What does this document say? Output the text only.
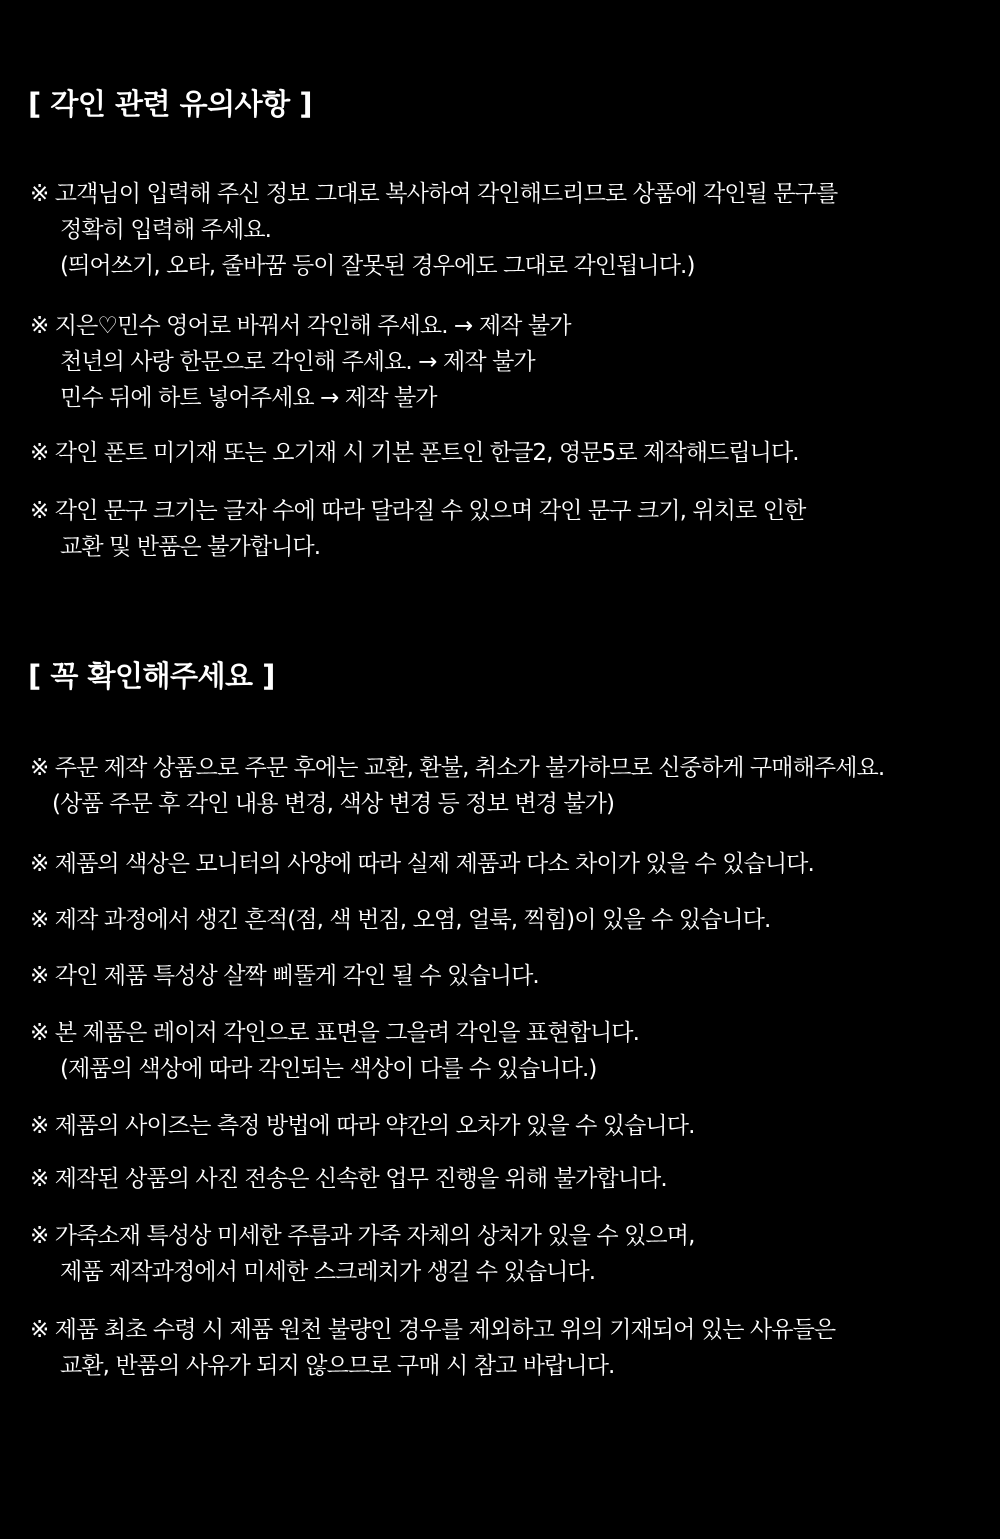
[ 각인 관련 유의사항 ]
※ 고객님이 입력해 주신 정보 그대로 복사하여 각인해드리므로 상품에 각인될 문구를
정확히 입력해 주세요.
(띄어쓰기, 오타, 줄바꿈 등이 잘못된 경우에도 그대로 각인됩니다.)
※ 지은♡민수 영어로 바꿔서 각인해 주세요. → 제작 불가
천년의 사랑 한문으로 각인해 주세요. → 제작 불가
민수 뒤에 하트 넣어주세요 → 제작 불가
※ 각인 폰트 미기재 또는 오기재 시 기본 폰트인 한글2, 영문5로 제작해드립니다.
※ 각인 문구 크기는 글자 수에 따라 달라질 수 있으며 각인 문구 크기, 위치로 인한
교환 및 반품은 불가합니다.
[ 꼭 확인해주세요 ]
※ 주문 제작 상품으로 주문 후에는 교환, 환불, 취소가 불가하므로 신중하게 구매해주세요.
(상품 주문 후 각인 내용 변경, 색상 변경 등 정보 변경 불가)
※ 제품의 색상은 모니터의 사양에 따라 실제 제품과 다소 차이가 있을 수 있습니다.
※ 제작 과정에서 생긴 흔적(점, 색 번짐, 오염, 얼룩, 찍힘)이 있을 수 있습니다.
※ 각인 제품 특성상 살짝 삐뚤게 각인 될 수 있습니다.
※ 본 제품은 레이저 각인으로 표면을 그을려 각인을 표현합니다.
(제품의 색상에 따라 각인되는 색상이 다를 수 있습니다.)
※ 제품의 사이즈는 측정 방법에 따라 약간의 오차가 있을 수 있습니다.
※ 제작된 상품의 사진 전송은 신속한 업무 진행을 위해 불가합니다.
※ 가죽소재 특성상 미세한 주름과 가죽 자체의 상처가 있을 수 있으며,
제품 제작과정에서 미세한 스크레치가 생길 수 있습니다.
※ 제품 최초 수령 시 제품 원천 불량인 경우를 제외하고 위의 기재되어 있는 사유들은
교환, 반품의 사유가 되지 않으므로 구매 시 참고 바랍니다.
